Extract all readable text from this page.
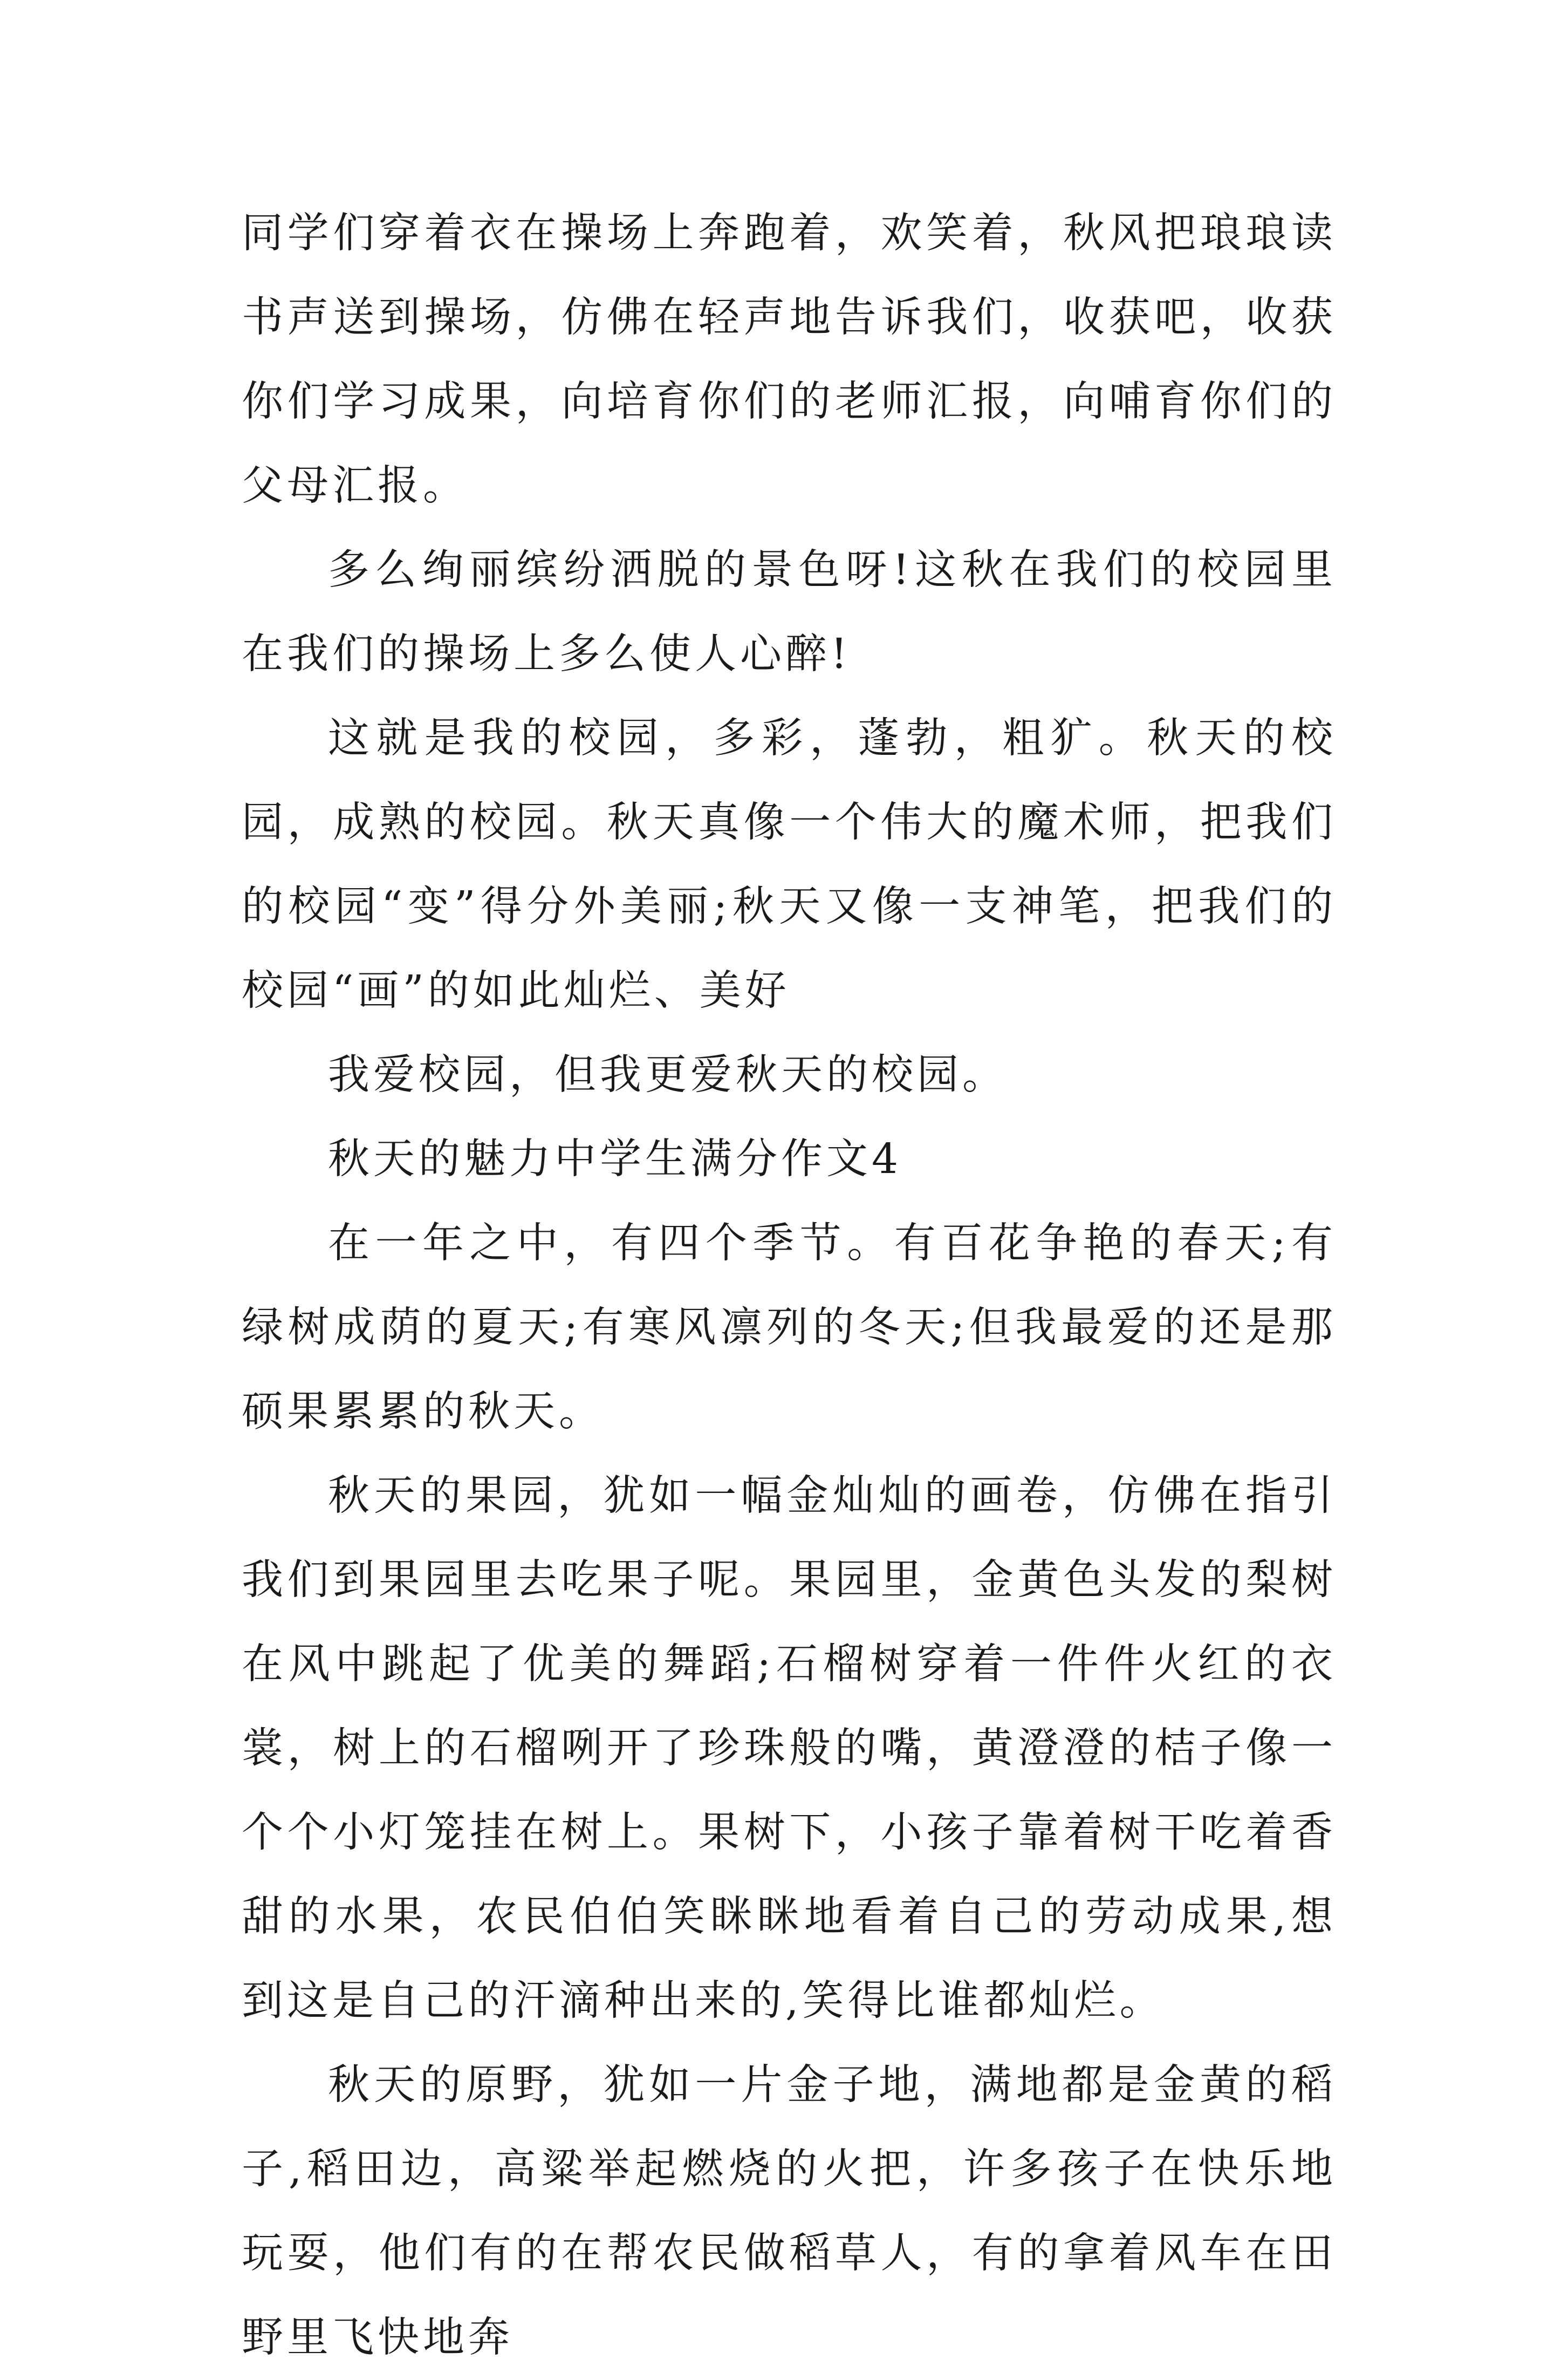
同学们穿着衣在操场上奔跑着，欢笑着，秋风把琅琅读书声送到操场，仿佛在轻声地告诉我们，收获吧，收获你们学习成果，向培育你们的老师汇报，向哺育你们的父母汇报。

多么绚丽缤纷洒脱的景色呀!这秋在我们的校园里在我们的操场上多么使人心醉!

这就是我的校园，多彩，蓬勃，粗犷。秋天的校园，成熟的校园。秋天真像一个伟大的魔术师，把我们的校园“变”得分外美丽;秋天又像一支神笔，把我们的校园“画”的如此灿烂、美好

我爱校园，但我更爱秋天的校园。

秋天的魅力中学生满分作文4

在一年之中，有四个季节。有百花争艳的春天;有绿树成荫的夏天;有寒风凛列的冬天;但我最爱的还是那硕果累累的秋天。

秋天的果园，犹如一幅金灿灿的画卷，仿佛在指引我们到果园里去吃果子呢。果园里，金黄色头发的梨树在风中跳起了优美的舞蹈;石榴树穿着一件件火红的衣裳，树上的石榴咧开了珍珠般的嘴，黄澄澄的桔子像一个个小灯笼挂在树上。果树下，小孩子靠着树干吃着香甜的水果，农民伯伯笑眯眯地看着自己的劳动成果,想到这是自己的汗滴种出来的,笑得比谁都灿烂。

秋天的原野，犹如一片金子地，满地都是金黄的稻子,稻田边，高粱举起燃烧的火把，许多孩子在快乐地玩耍，他们有的在帮农民做稻草人，有的拿着风车在田野里飞快地奔
